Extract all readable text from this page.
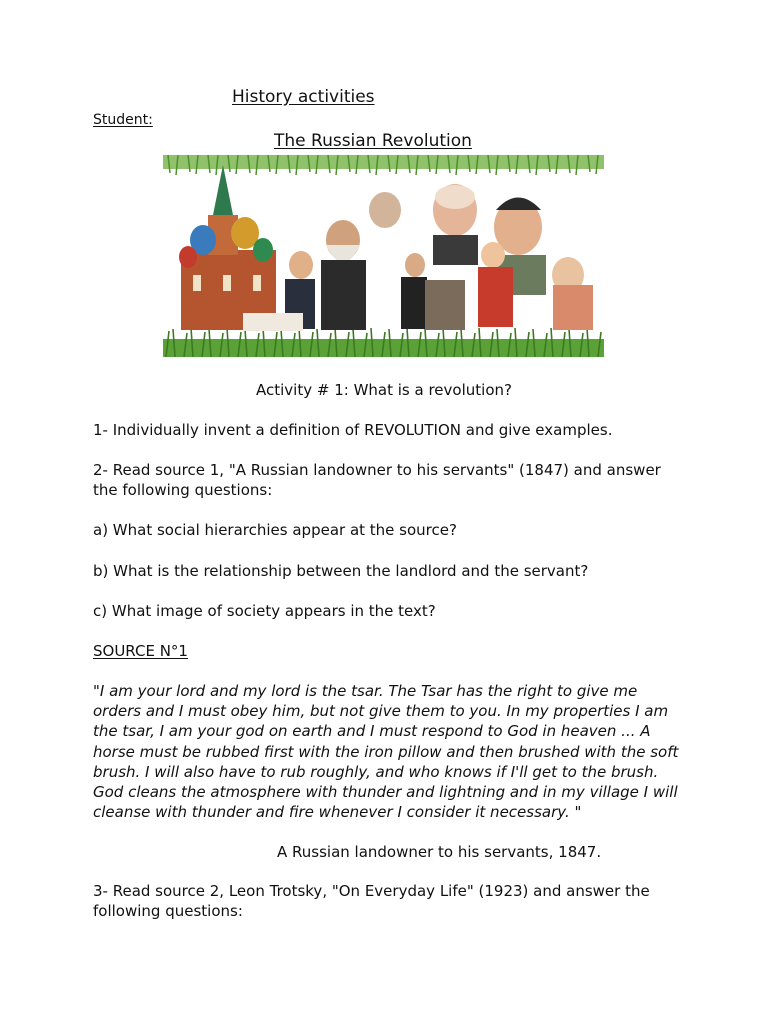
History activities

Student:

The Russian Revolution

Activity # 1: What is a revolution?

1- Individually invent a definition of REVOLUTION and give examples.

2- Read source 1, "A Russian landowner to his servants" (1847) and answer the following questions:

a) What social hierarchies appear at the source?

b) What is the relationship between the landlord and the servant?

c) What image of society appears in the text?

SOURCE N°1

"I am your lord and my lord is the tsar. The Tsar has the right to give me orders and I must obey him, but not give them to you. In my properties I am the tsar, I am your god on earth and I must respond to God in heaven ... A horse must be rubbed first with the iron pillow and then brushed with the soft brush. I will also have to rub roughly, and who knows if I'll get to the brush. God cleans the atmosphere with thunder and lightning and in my village I will cleanse with thunder and fire whenever I consider it necessary. "

A Russian landowner to his servants, 1847.

3- Read source 2, Leon Trotsky, "On Everyday Life" (1923) and answer the following questions:
